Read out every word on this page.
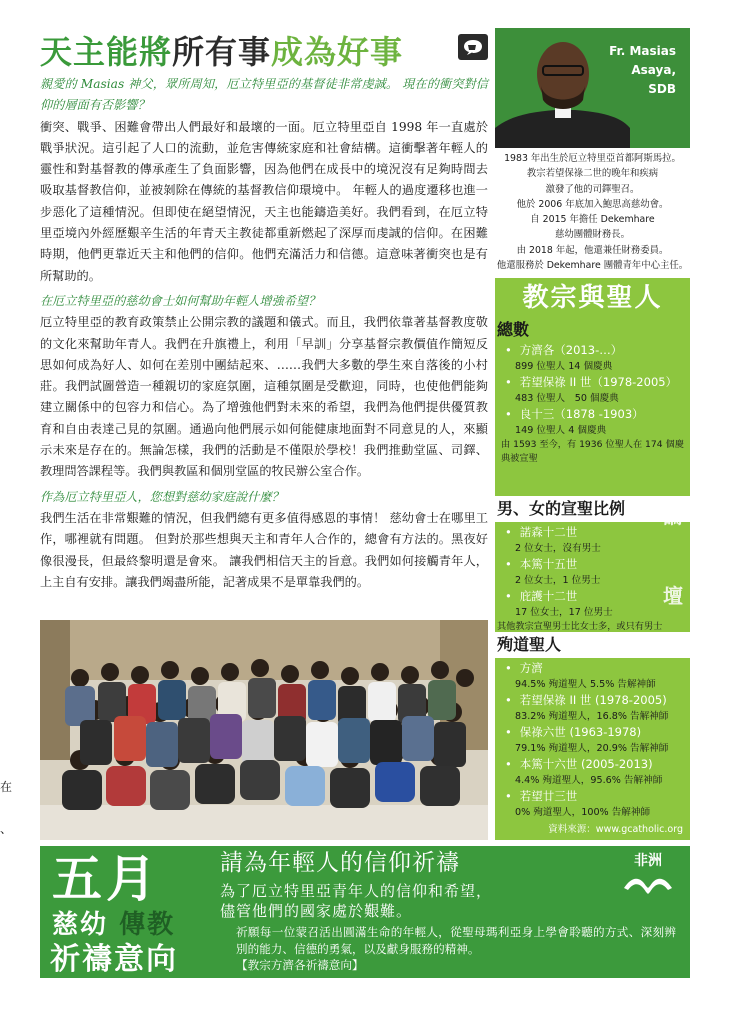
天主能將所有事成為好事

親愛的 Masias 神父，眾所周知，厄立特里亞的基督徒非常虔誠。 現在的衝突對信仰的層面有否影響？

衝突、戰爭、困難會帶出人們最好和最壞的一面。厄立特里亞自 1998 年一直處於戰爭狀況。這引起了人口的流動，並危害傳統家庭和社會結構。這衝擊著年輕人的靈性和對基督教的傳承產生了負面影響，因為他們在成長中的境況沒有足夠時間去吸取基督教信仰，並被剝除在傳統的基督教信仰環境中。 年輕人的過度遷移也進一步惡化了這種情況。但即使在絕望情況，天主也能鑄造美好。我們看到，在厄立特里亞境內外經歷艱辛生活的年青天主教徒都重新燃起了深厚而虔誠的信仰。在困難時期，他們更靠近天主和他們的信仰。他們充滿活力和信德。這意味著衝突也是有所幫助的。

在厄立特里亞的慈幼會士如何幫助年輕人增強希望？

厄立特里亞的教育政策禁止公開宗教的議題和儀式。而且，我們依靠著基督教度敬的文化來幫助年青人。我們在升旗禮上，利用「早訓」分享基督宗教價值作簡短反思如何成為好人、如何在差別中團結起來、……我們大多數的學生來自落後的小村莊。我們試圖營造一種親切的家庭氛圍，這種氛圍是受歡迎，同時，也使他們能夠建立關係中的包容力和信心。為了增強他們對未來的希望，我們為他們提供優質教育和自由表達己見的氛圍。通過向他們展示如何能健康地面對不同意見的人，來顯示未來是存在的。無論怎樣，我們的活動是不僅限於學校！我們推動堂區、司鐸、教理問答課程等。我們與教區和個別堂區的牧民辦公室合作。

作為厄立特里亞人，您想對慈幼家庭說什麼？

我們生活在非常艱難的情況，但我們總有更多值得感恩的事情！ 慈幼會士在哪里工作，哪裡就有問題。 但對於那些想與天主和青年人合作的，總會有方法的。黑夜好像很漫長，但最終黎明還是會來。 讓我們相信天主的旨意。我們如何接觸青年人，上主自有安排。讓我們竭盡所能，記著成果不是單靠我們的。

在
、
Fr. Masias
Asaya,
SDB
1983 年出生於厄立特里亞首都阿斯馬拉。
教宗若望保祿二世的晚年和疾病
激發了他的司鐸聖召。
他於 2006 年底加入鮑思高慈幼會。
自 2015 年擔任 Dekemhare
慈幼團體財務長。
由 2018 年起，他還兼任財務委員。
他還服務於 Dekemhare 團體青年中心主任。
教宗與聖人
總數
• 方濟各（2013-…）
899 位聖人 14 個慶典
• 若望保祿 II 世（1978-2005）
483 位聖人　50 個慶典
• 良十三（1878 -1903）
149 位聖人 4 個慶典
由 1593 至今，有 1936 位聖人在 174 個慶典被宣聖
男、女的宣聖比例
• 諾森十二世
2 位女士，沒有男士
• 本篤十五世
2 位女士，1 位男士
• 庇護十二世
17 位女士，17 位男士
其他教宗宣聖男士比女士多，或只有男士
論
壇
殉道聖人
• 方濟
94.5% 殉道聖人 5.5% 告解神師
• 若望保祿 II 世 (1978-2005)
83.2% 殉道聖人，16.8% 告解神師
• 保祿六世 (1963-1978)
79.1% 殉道聖人，20.9% 告解神師
• 本篤十六世 (2005-2013)
4.4% 殉道聖人，95.6% 告解神師
• 若望廿三世
0% 殉道聖人，100% 告解神師
資料來源：www.gcatholic.org
五月
慈幼 傳教
祈禱意向
請為年輕人的信仰祈禱
為了厄立特里亞青年人的信仰和希望，
儘管他們的國家處於艱難。
祈願每一位蒙召活出圓滿生命的年輕人，從聖母瑪利亞身上學會聆聽的方式、深刻辨別的能力、信德的勇氣，以及獻身服務的精神。
【教宗方濟各祈禱意向】
非洲
